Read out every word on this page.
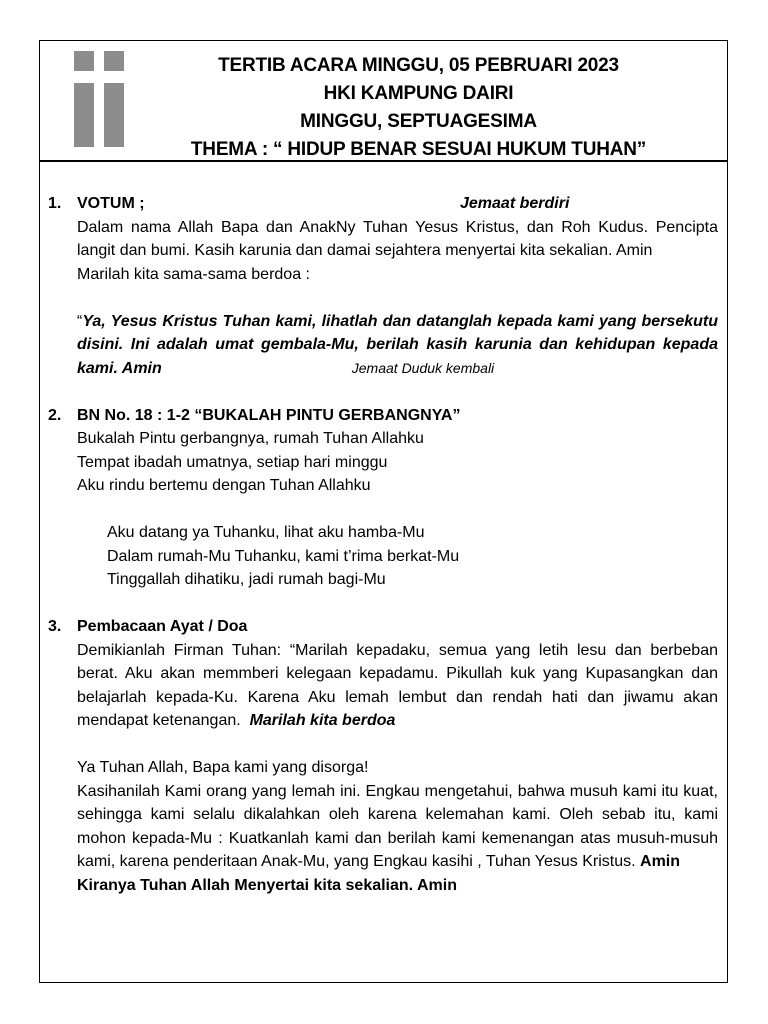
TERTIB ACARA MINGGU, 05 PEBRUARI 2023
HKI KAMPUNG DAIRI
MINGGU, SEPTUAGESIMA
THEMA : “ HIDUP BENAR SESUAI HUKUM TUHAN”
1. VOTUM ;	Jemaat berdiri

Dalam nama Allah Bapa dan AnakNy Tuhan Yesus Kristus, dan Roh Kudus. Pencipta langit dan bumi. Kasih karunia dan damai sejahtera menyertai kita sekalian. Amin

Marilah kita sama-sama berdoa :

“Ya, Yesus Kristus Tuhan kami, lihatlah dan datanglah kepada kami yang bersekutu disini. Ini adalah umat gembala-Mu, berilah kasih karunia dan kehidupan kepada kami. Amin	Jemaat Duduk kembali

2. BN No. 18 : 1-2 “BUKALAH PINTU GERBANGNYA”
Bukalah Pintu gerbangnya, rumah Tuhan Allahku
Tempat ibadah umatnya, setiap hari minggu
Aku rindu bertemu dengan Tuhan Allahku
Aku datang ya Tuhanku, lihat aku hamba-Mu
Dalam rumah-Mu Tuhanku, kami t’rima berkat-Mu
Tinggallah dihatiku, jadi rumah bagi-Mu
3. Pembacaan Ayat / Doa

Demikianlah Firman Tuhan: “Marilah kepadaku, semua yang letih lesu dan berbeban berat. Aku akan memmberi kelegaan kepadamu. Pikullah kuk yang Kupasangkan dan belajarlah kepada-Ku. Karena Aku lemah lembut dan rendah hati dan jiwamu akan mendapat ketenangan. Marilah kita berdoa

Ya Tuhan Allah, Bapa kami yang disorga!

Kasihanilah Kami orang yang lemah ini. Engkau mengetahui, bahwa musuh kami itu kuat, sehingga kami selalu dikalahkan oleh karena kelemahan kami. Oleh sebab itu, kami mohon kepada-Mu : Kuatkanlah kami dan berilah kami kemenangan atas musuh-musuh kami, karena penderitaan Anak-Mu, yang Engkau kasihi , Tuhan Yesus Kristus. Amin

Kiranya Tuhan Allah Menyertai kita sekalian. Amin
